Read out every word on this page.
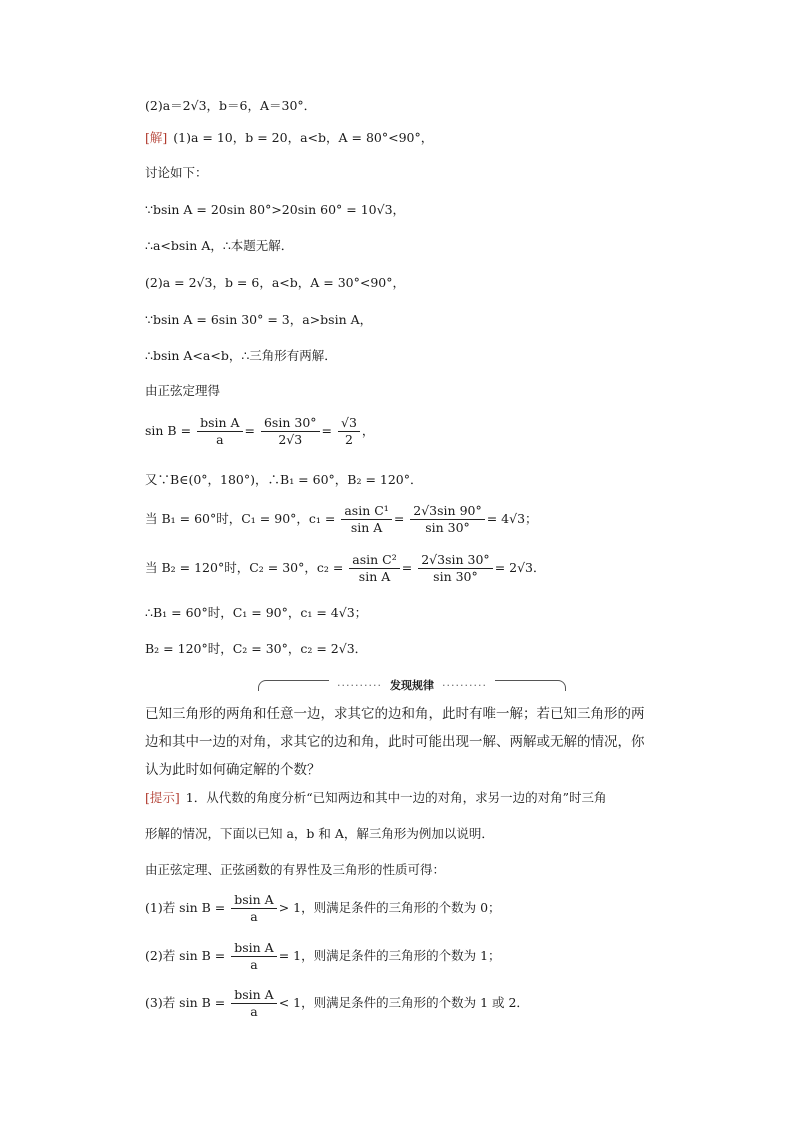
(2)a＝2√3，b＝6，A＝30°．
[解] (1)a = 10，b = 20，a<b，A = 80°<90°，
讨论如下：
∵bsin A = 20sin 80°>20sin 60° = 10√3，
∴a<bsin A，∴本题无解．
(2)a = 2√3，b = 6，a<b，A = 30°<90°，
∵bsin A = 6sin 30° = 3，a>bsin A，
∴bsin A<a<b，∴三角形有两解．
由正弦定理得
$\sin B = \frac{\text{bsin A}}{a} = \frac{6\sin 30^\circ}{2√3} = \frac{√3}{2}$ ，
又∵B∈(0°，180°)，∴B₁ = 60°，B₂ = 120°．
当 B₁ = 60°时，C₁ = 90°，$c_1 = \frac{\text{asin C¹}}{\text{sin A}} = \frac{2√3\sin 90^\circ}{\sin 30^\circ} = 4√3$；
当 B₂ = 120°时，C₂ = 30°，$c_2 = \frac{\text{asin C²}}{\text{sin A}} = \frac{2√3\sin 30^\circ}{\sin 30^\circ} = 2√3$．
∴B₁ = 60°时，C₁ = 90°，c₁ = 4√3；
B₂ = 120°时，C₂ = 30°，c₂ = 2√3．
·········· 发现规律 ··········
已知三角形的两角和任意一边，求其它的边和角，此时有唯一解；若已知三角形的两边和其中一边的对角，求其它的边和角，此时可能出现一解、两解或无解的情况，你认为此时如何确定解的个数？
[提示] 1．从代数的角度分析“已知两边和其中一边的对角，求另一边的对角”时三角
形解的情况，下面以已知 a，b 和 A，解三角形为例加以说明．
由正弦定理、正弦函数的有界性及三角形的性质可得：
(1)若 $\sin B = \frac{\text{bsin A}}{a} > 1$，则满足条件的三角形的个数为 0；
(2)若 $\sin B = \frac{\text{bsin A}}{a} = 1$，则满足条件的三角形的个数为 1；
(3)若 $\sin B = \frac{\text{bsin A}}{a} < 1$，则满足条件的三角形的个数为 1 或 2．
